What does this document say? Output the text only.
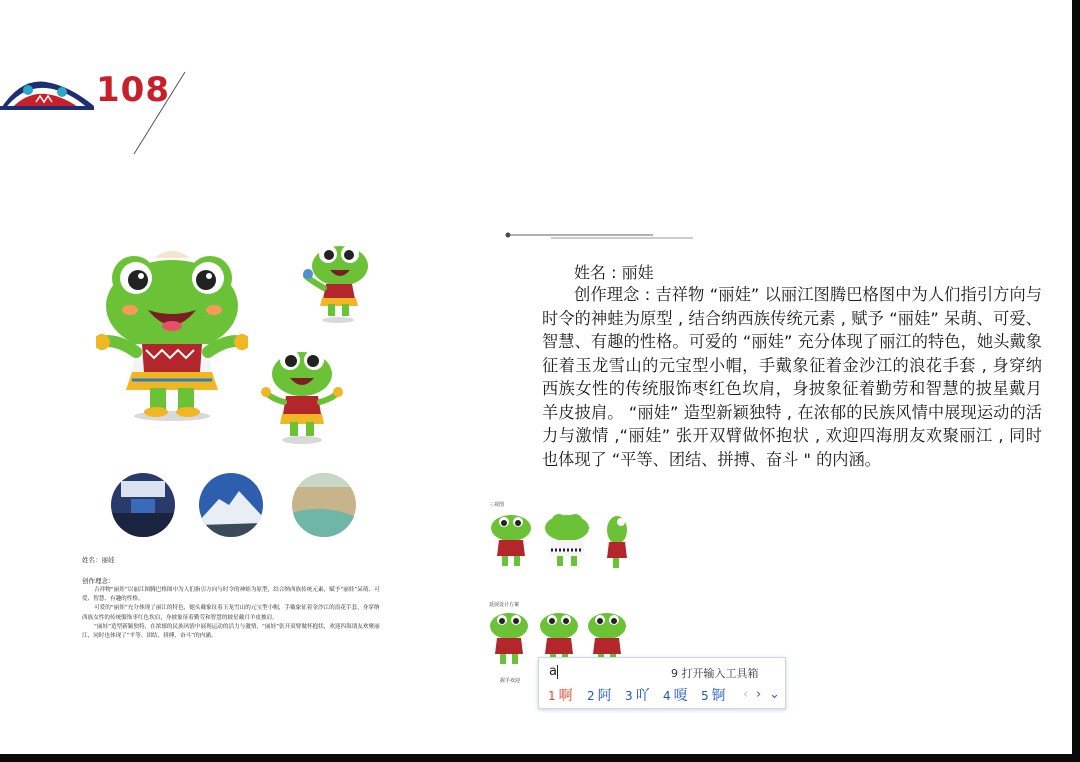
108
姓名：丽娃
创作理念：

吉祥物“丽娃”以丽江图腾巴格图中为人们指引方向与时令的神蛙为原型，结合纳西族传统元素，赋予“丽娃”呆萌、可爱、智慧、有趣的性格。

可爱的“丽娃”充分体现了丽江的特色，她头戴象征着玉龙雪山的元宝型小帽，手戴象征着金沙江的浪花手套，身穿纳西族女性的传统服饰枣红色坎肩，身披象征着勤劳和智慧的披星戴月羊皮披肩。

“丽娃”造型新颖独特，在浓郁的民族风情中展现运动的活力与激情，“丽娃”张开双臂做怀抱状，欢迎四海朋友欢聚丽江，同时也体现了“平等、团结、拼搏、奋斗”的内涵。

姓名 : 丽娃
创作理念 : 吉祥物 “丽娃” 以丽江图腾巴格图中为人们指引方向与时令的神蛙为原型 , 结合纳西族传统元素 , 赋予 “丽娃” 呆萌、可爱、智慧、有趣的性格。可爱的 “丽娃” 充分体现了丽江的特色，她头戴象征着玉龙雪山的元宝型小帽，手戴象征着金沙江的浪花手套 , 身穿纳西族女性的传统服饰枣红色坎肩，身披象征着勤劳和智慧的披星戴月羊皮披肩。 “丽娃” 造型新颖独特 , 在浓郁的民族风情中展现运动的活力与激情 ,“丽娃” 张开双臂做怀抱状 , 欢迎四海朋友欢聚丽江 , 同时也体现了 “平等、团结、拼搏、奋斗 " 的内涵。
三视图
延展设计方案
握手欢迎
a	9 打开输入工具箱
1 啊 2 阿 3 吖 4 嗄 5 锕 ‹ › ⌄
